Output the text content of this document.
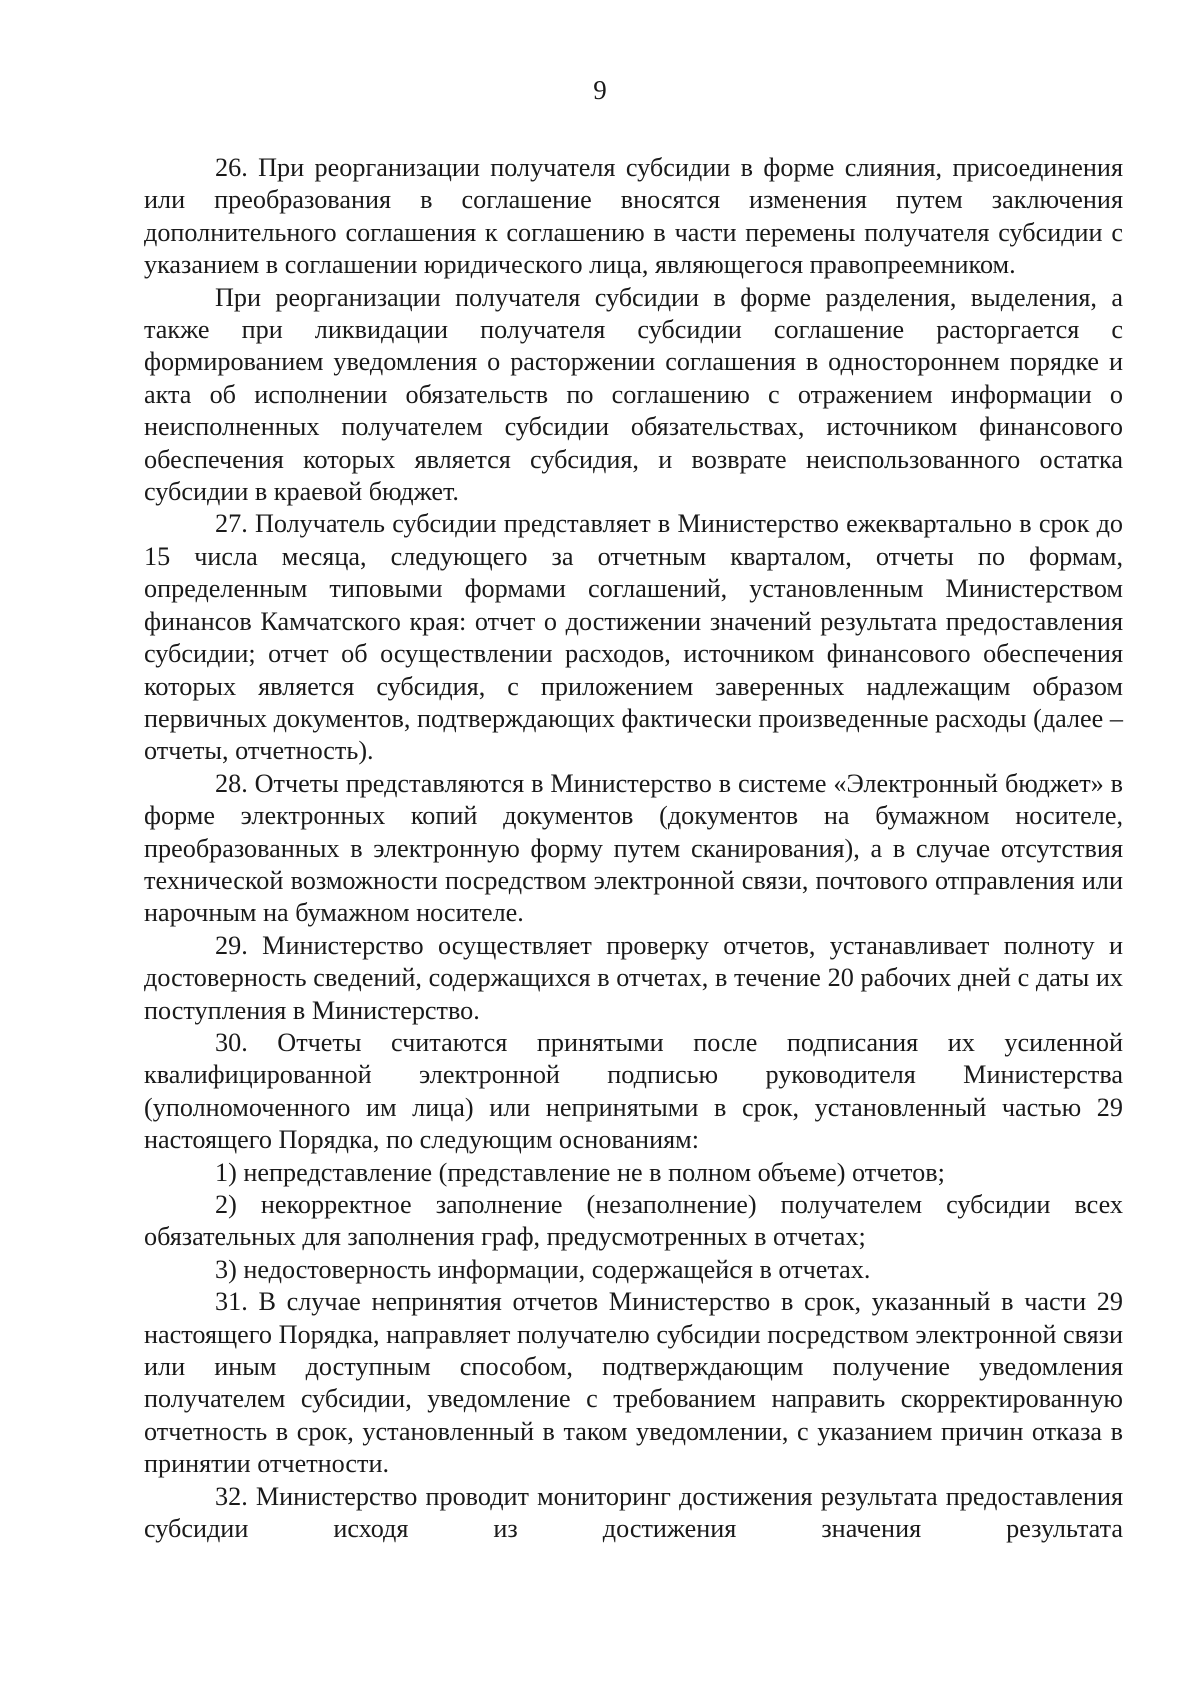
9

26. При реорганизации получателя субсидии в форме слияния, присоединения или преобразования в соглашение вносятся изменения путем заключения дополнительного соглашения к соглашению в части перемены получателя субсидии с указанием в соглашении юридического лица, являющегося правопреемником.

При реорганизации получателя субсидии в форме разделения, выделения, а также при ликвидации получателя субсидии соглашение расторгается с формированием уведомления о расторжении соглашения в одностороннем порядке и акта об исполнении обязательств по соглашению с отражением информации о неисполненных получателем субсидии обязательствах, источником финансового обеспечения которых является субсидия, и возврате неиспользованного остатка субсидии в краевой бюджет.

27. Получатель субсидии представляет в Министерство ежеквартально в срок до 15 числа месяца, следующего за отчетным кварталом, отчеты по формам, определенным типовыми формами соглашений, установленным Министерством финансов Камчатского края: отчет о достижении значений результата предоставления субсидии; отчет об осуществлении расходов, источником финансового обеспечения которых является субсидия, с приложением заверенных надлежащим образом первичных документов, подтверждающих фактически произведенные расходы (далее – отчеты, отчетность).

28. Отчеты представляются в Министерство в системе «Электронный бюджет» в форме электронных копий документов (документов на бумажном носителе, преобразованных в электронную форму путем сканирования), а в случае отсутствия технической возможности посредством электронной связи, почтового отправления или нарочным на бумажном носителе.

29. Министерство осуществляет проверку отчетов, устанавливает полноту и достоверность сведений, содержащихся в отчетах, в течение 20 рабочих дней с даты их поступления в Министерство.

30. Отчеты считаются принятыми после подписания их усиленной квалифицированной электронной подписью руководителя Министерства (уполномоченного им лица) или непринятыми в срок, установленный частью 29 настоящего Порядка, по следующим основаниям:

1) непредставление (представление не в полном объеме) отчетов;

2) некорректное заполнение (незаполнение) получателем субсидии всех обязательных для заполнения граф, предусмотренных в отчетах;

3) недостоверность информации, содержащейся в отчетах.

31. В случае непринятия отчетов Министерство в срок, указанный в части 29 настоящего Порядка, направляет получателю субсидии посредством электронной связи или иным доступным способом, подтверждающим получение уведомления получателем субсидии, уведомление с требованием направить скорректированную отчетность в срок, установленный в таком уведомлении, с указанием причин отказа в принятии отчетности.

32. Министерство проводит мониторинг достижения результата предоставления субсидии исходя из достижения значения результата
